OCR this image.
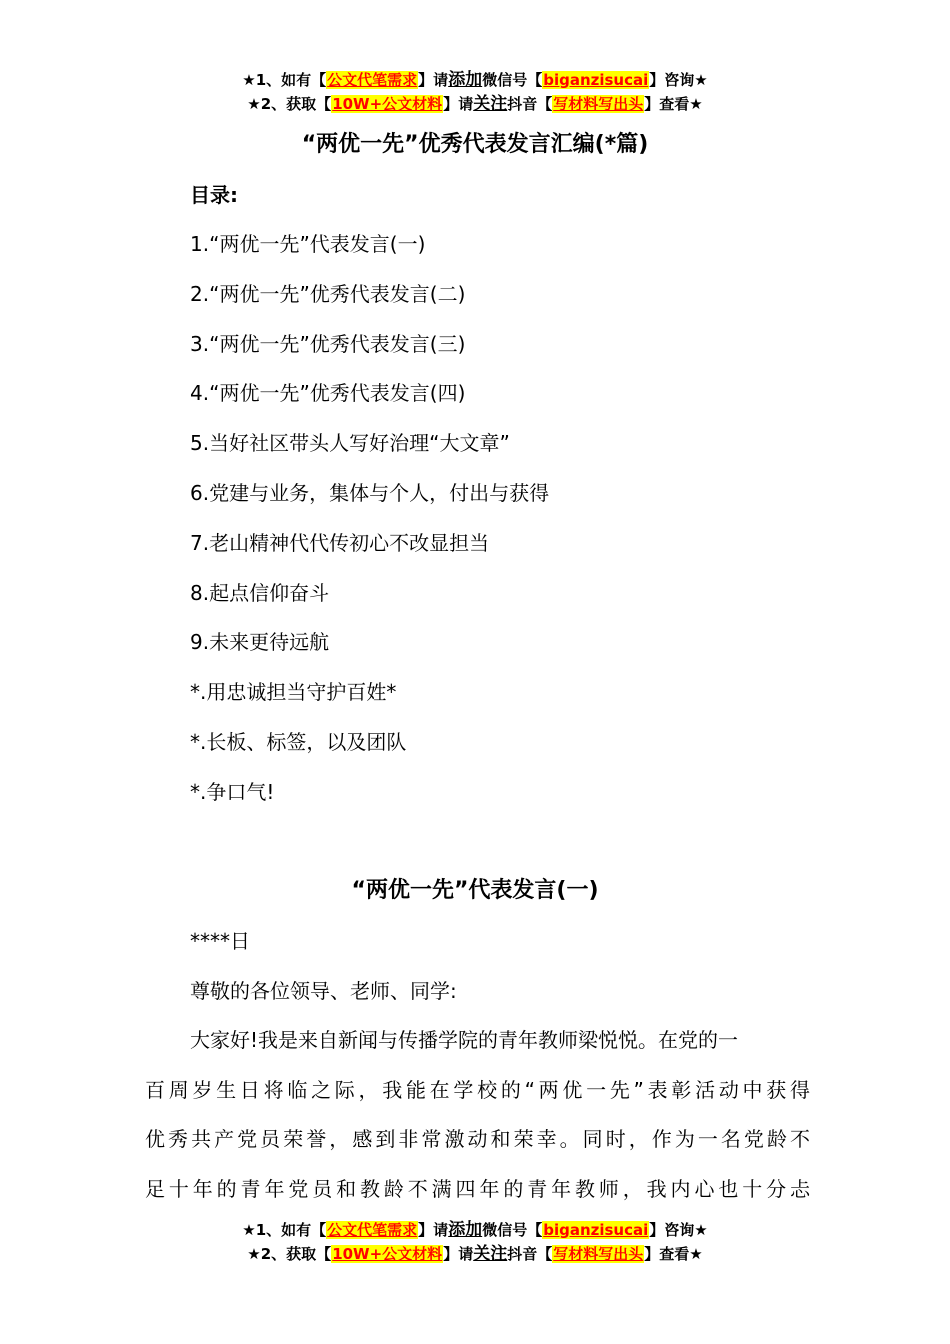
★1、如有【公文代笔需求】请添加微信号【biganzisucai】咨询★
★2、获取【10W+公文材料】请关注抖音【写材料写出头】查看★
“两优一先”优秀代表发言汇编(*篇)
目录:
1.“两优一先”代表发言(一)
2.“两优一先”优秀代表发言(二)
3.“两优一先”优秀代表发言(三)
4.“两优一先”优秀代表发言(四)
5.当好社区带头人写好治理“大文章”
6.党建与业务，集体与个人，付出与获得
7.老山精神代代传初心不改显担当
8.起点信仰奋斗
9.未来更待远航
*.用忠诚担当守护百姓*
*.长板、标签，以及团队
*.争口气!
“两优一先”代表发言(一)
****日
尊敬的各位领导、老师、同学:
大家好!我是来自新闻与传播学院的青年教师梁悦悦。在党的一
百周岁生日将临之际，我能在学校的“两优一先”表彰活动中获得
优秀共产党员荣誉，感到非常激动和荣幸。同时，作为一名党龄不
足十年的青年党员和教龄不满四年的青年教师，我内心也十分忐
★1、如有【公文代笔需求】请添加微信号【biganzisucai】咨询★
★2、获取【10W+公文材料】请关注抖音【写材料写出头】查看★
